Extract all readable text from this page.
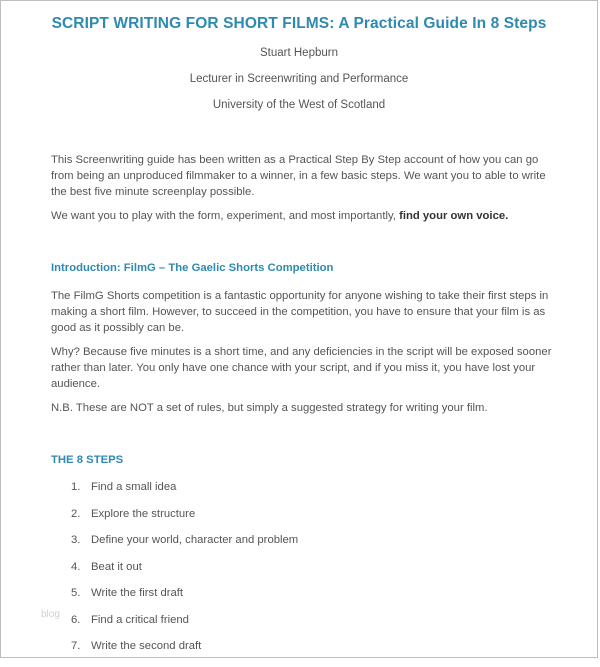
SCRIPT WRITING FOR SHORT FILMS: A Practical Guide In 8 Steps
Stuart Hepburn
Lecturer in Screenwriting and Performance
University of the West of Scotland
This Screenwriting guide has been written as a Practical Step By Step account of how you can go from being an unproduced filmmaker to a winner, in a few basic steps. We want you to able to write the best five minute screenplay possible.
We want you to play with the form, experiment, and most importantly, find your own voice.
Introduction: FilmG – The Gaelic Shorts Competition
The FilmG Shorts competition is a fantastic opportunity for anyone wishing to take their first steps in making a short film. However, to succeed in the competition, you have to ensure that your film is as good as it possibly can be.
Why? Because five minutes is a short time, and any deficiencies in the script will be exposed sooner rather than later. You only have one chance with your script, and if you miss it, you have lost your audience.
N.B. These are NOT a set of rules, but simply a suggested strategy for writing your film.
THE 8 STEPS
1. Find a small idea
2. Explore the structure
3. Define your world, character and problem
4. Beat it out
5. Write the first draft
6. Find a critical friend
7. Write the second draft
blog
